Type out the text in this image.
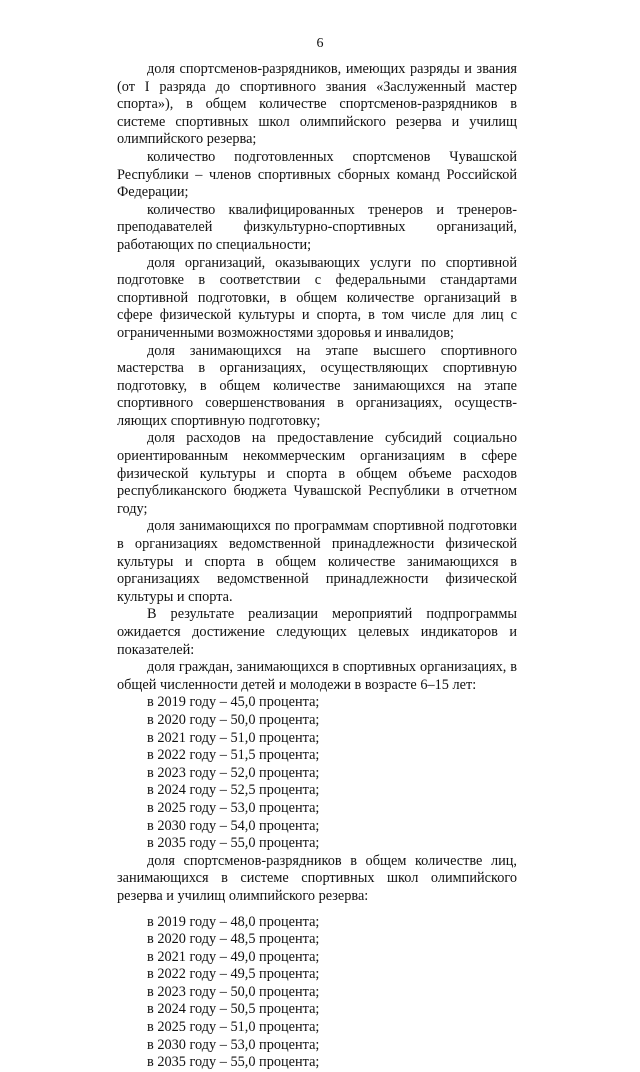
6

доля спортсменов-разрядников, имеющих разряды и звания (от I разряда до спортивного звания «Заслуженный мастер спорта»), в общем количестве спортсменов-разрядников в системе спортивных школ олимпийского резерва и училищ олимпийского резерва;

количество подготовленных спортсменов Чувашской Республики – членов спортивных сборных команд Российской Федерации;

количество квалифицированных тренеров и тренеров-преподавателей физкультурно-спортивных организаций, работающих по специальности;

доля организаций, оказывающих услуги по спортивной подготовке в соответствии с федеральными стандартами спортивной подготовки, в общем количестве организаций в сфере физической культуры и спорта, в том числе для лиц с ограниченными возможностями здоровья и инвалидов;

доля занимающихся на этапе высшего спортивного мастерства в организациях, осуществляющих спортивную подготовку, в общем количестве занимающихся на этапе спортивного совершенствования в организациях, осуществляющих спортивную подготовку;

доля расходов на предоставление субсидий социально ориентированным некоммерческим организациям в сфере физической культуры и спорта в общем объеме расходов республиканского бюджета Чувашской Республики в отчетном году;

доля занимающихся по программам спортивной подготовки в организациях ведомственной принадлежности физической культуры и спорта в общем количестве занимающихся в организациях ведомственной принадлежности физической культуры и спорта.

В результате реализации мероприятий подпрограммы ожидается достижение следующих целевых индикаторов и показателей:

доля граждан, занимающихся в спортивных организациях, в общей численности детей и молодежи в возрасте 6–15 лет:

в 2019 году – 45,0 процента;

в 2020 году – 50,0 процента;

в 2021 году – 51,0 процента;

в 2022 году – 51,5 процента;

в 2023 году – 52,0 процента;

в 2024 году – 52,5 процента;

в 2025 году – 53,0 процента;

в 2030 году – 54,0 процента;

в 2035 году – 55,0 процента;

доля спортсменов-разрядников в общем количестве лиц, занимающихся в системе спортивных школ олимпийского резерва и училищ олимпийского резерва:

в 2019 году – 48,0 процента;

в 2020 году – 48,5 процента;

в 2021 году – 49,0 процента;

в 2022 году – 49,5 процента;

в 2023 году – 50,0 процента;

в 2024 году – 50,5 процента;

в 2025 году – 51,0 процента;

в 2030 году – 53,0 процента;

в 2035 году – 55,0 процента;
